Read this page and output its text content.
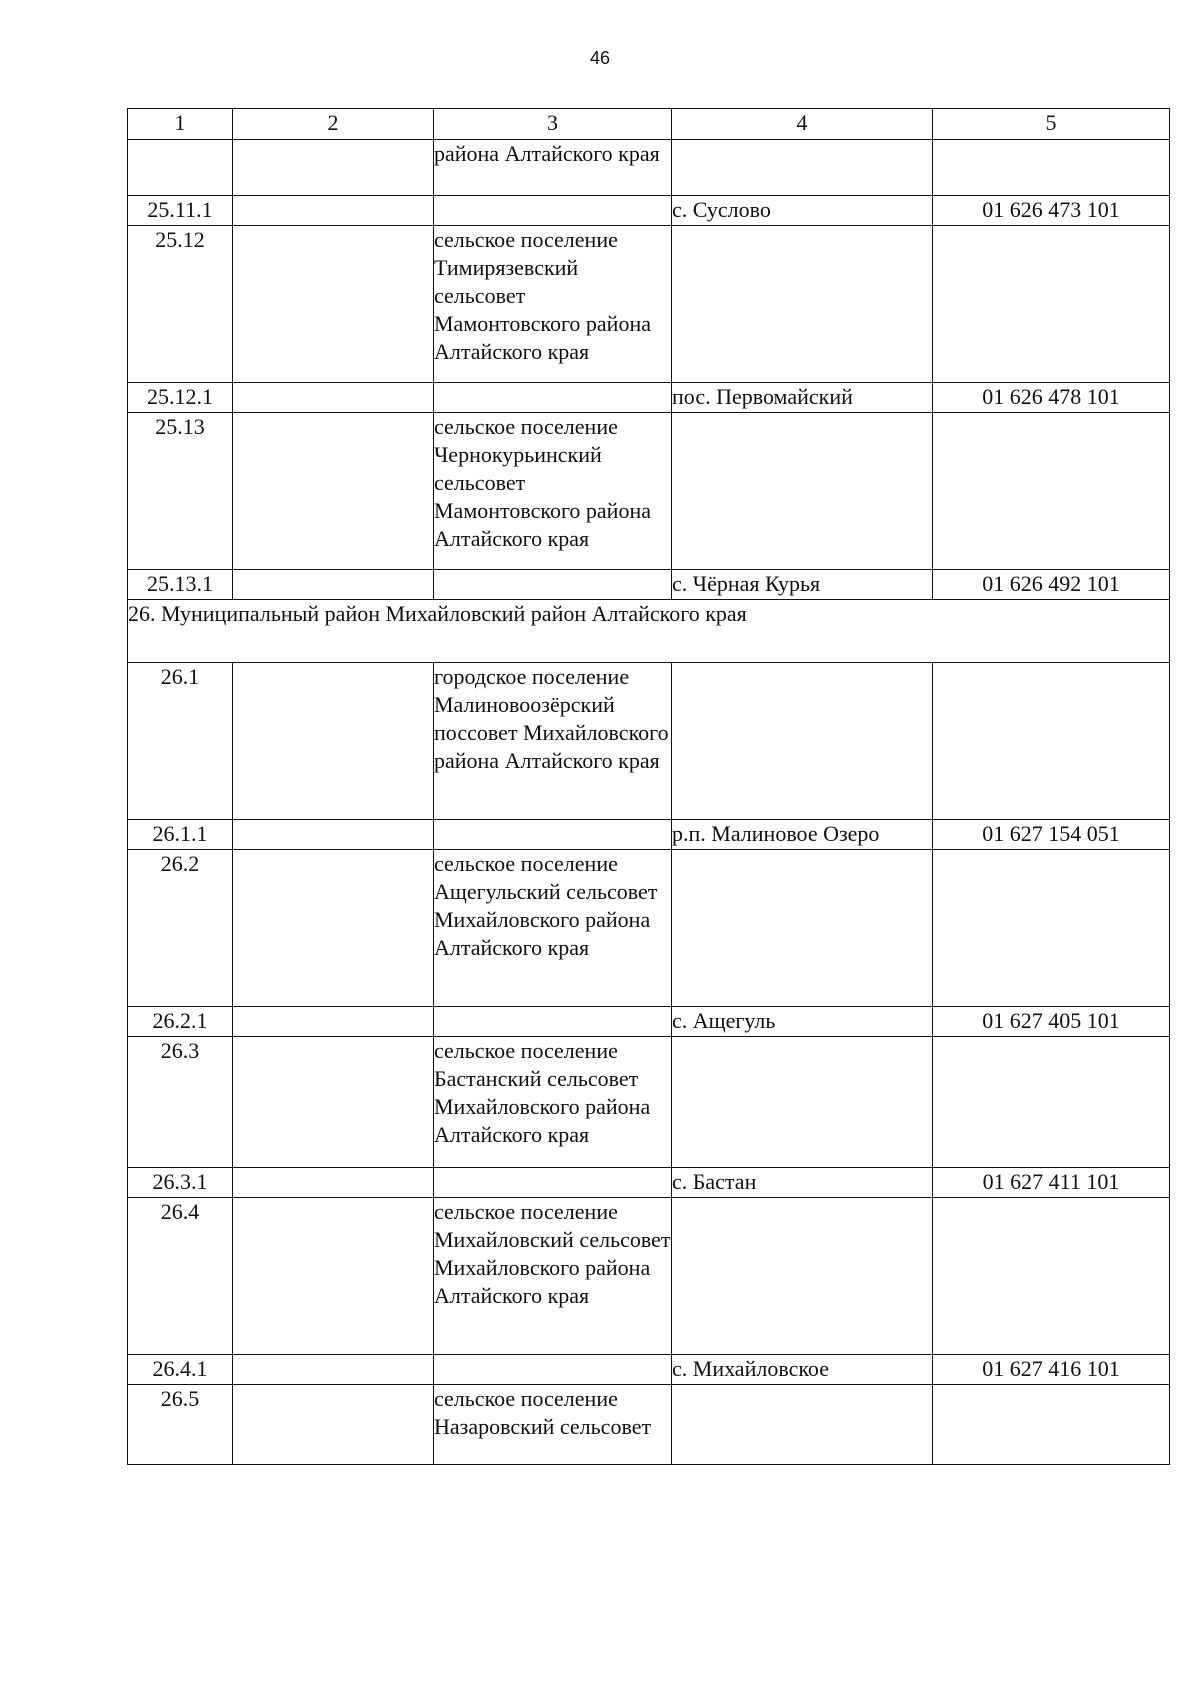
46
1	2	3	4	5
		района Алтайского края		
25.11.1			с. Суслово	01 626 473 101
25.12		сельское поселение Тимирязевский сельсовет Мамонтовского района Алтайского края		
25.12.1			пос. Первомайский	01 626 478 101
25.13		сельское поселение Чернокурьинский сельсовет Мамонтовского района Алтайского края		
25.13.1			с. Чёрная Курья	01 626 492 101
26. Муниципальный район Михайловский район Алтайского края				
26.1		городское поселение Малиновоозёрский поссовет Михайловского района Алтайского края		
26.1.1			р.п. Малиновое Озеро	01 627 154 051
26.2		сельское поселение Ащегульский сельсовет Михайловского района Алтайского края		
26.2.1			с. Ащегуль	01 627 405 101
26.3		сельское поселение Бастанский сельсовет Михайловского района Алтайского края		
26.3.1			с. Бастан	01 627 411 101
26.4		сельское поселение Михайловский сельсовет Михайловского района Алтайского края		
26.4.1			с. Михайловское	01 627 416 101
26.5		сельское поселение Назаровский сельсовет		
